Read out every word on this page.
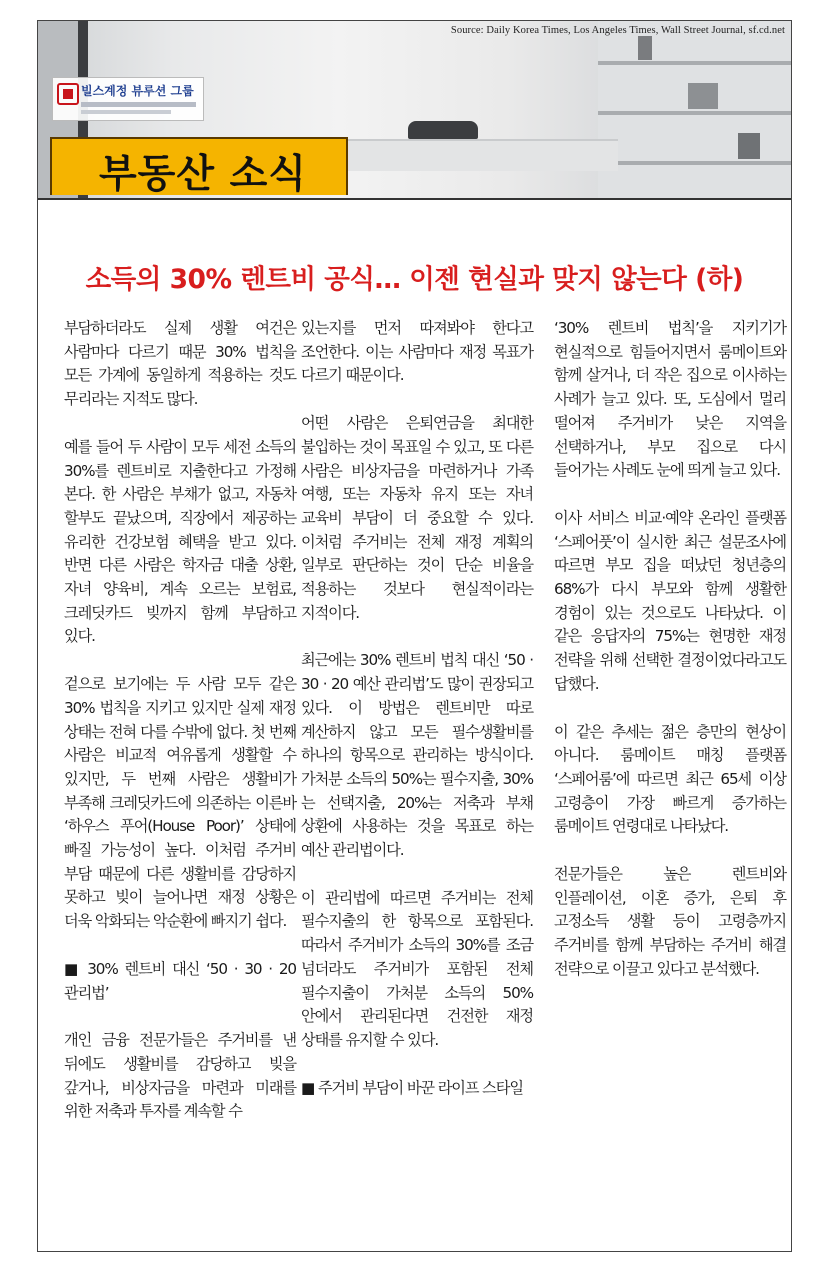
Source: Daily Korea Times, Los Angeles Times, Wall Street Journal, sf.cd.net
빌스계정 뷰루션 그룹
부동산 소식
소득의 30% 렌트비 공식… 이젠 현실과 맞지 않는다 (하)

부담하더라도 실제 생활 여건은 사람마다 다르기 때문 30% 법칙을 모든 가계에 동일하게 적용하는 것도 무리라는 지적도 많다.

예를 들어 두 사람이 모두 세전 소득의 30%를 렌트비로 지출한다고 가정해 본다. 한 사람은 부채가 없고, 자동차 할부도 끝났으며, 직장에서 제공하는 유리한 건강보험 혜택을 받고 있다. 반면 다른 사람은 학자금 대출 상환, 자녀 양육비, 계속 오르는 보험료, 크레딧카드 빚까지 함께 부담하고 있다.

겉으로 보기에는 두 사람 모두 같은 30% 법칙을 지키고 있지만 실제 재정 상태는 전혀 다를 수밖에 없다. 첫 번째 사람은 비교적 여유롭게 생활할 수 있지만, 두 번째 사람은 생활비가 부족해 크레딧카드에 의존하는 이른바 ‘하우스 푸어(House Poor)’ 상태에 빠질 가능성이 높다. 이처럼 주거비 부담 때문에 다른 생활비를 감당하지 못하고 빚이 늘어나면 재정 상황은 더욱 악화되는 악순환에 빠지기 쉽다.

■ 30% 렌트비 대신 ‘50 · 30 · 20 관리법’

개인 금융 전문가들은 주거비를 낸 뒤에도 생활비를 감당하고 빚을 갚거나, 비상자금을 마련과 미래를 위한 저축과 투자를 계속할 수

있는지를 먼저 따져봐야 한다고 조언한다. 이는 사람마다 재정 목표가 다르기 때문이다.

어떤 사람은 은퇴연금을 최대한 불입하는 것이 목표일 수 있고, 또 다른 사람은 비상자금을 마련하거나 가족 여행, 또는 자동차 유지 또는 자녀 교육비 부담이 더 중요할 수 있다. 이처럼 주거비는 전체 재정 계획의 일부로 판단하는 것이 단순 비율을 적용하는 것보다 현실적이라는 지적이다.

최근에는 30% 렌트비 법칙 대신 ‘50 · 30 · 20 예산 관리법’도 많이 권장되고 있다. 이 방법은 렌트비만 따로 계산하지 않고 모든 필수생활비를 하나의 항목으로 관리하는 방식이다. 가처분 소득의 50%는 필수지출, 30%는 선택지출, 20%는 저축과 부채 상환에 사용하는 것을 목표로 하는 예산 관리법이다.

이 관리법에 따르면 주거비는 전체 필수지출의 한 항목으로 포함된다. 따라서 주거비가 소득의 30%를 조금 넘더라도 주거비가 포함된 전체 필수지출이 가처분 소득의 50% 안에서 관리된다면 건전한 재정 상태를 유지할 수 있다.

■ 주거비 부담이 바꾼 라이프 스타일

‘30% 렌트비 법칙’을 지키기가 현실적으로 힘들어지면서 룸메이트와 함께 살거나, 더 작은 집으로 이사하는 사례가 늘고 있다. 또, 도심에서 멀리 떨어져 주거비가 낮은 지역을 선택하거나, 부모 집으로 다시 들어가는 사례도 눈에 띄게 늘고 있다.

이사 서비스 비교·예약 온라인 플랫폼 ‘스페어풋’이 실시한 최근 설문조사에 따르면 부모 집을 떠났던 청년층의 68%가 다시 부모와 함께 생활한 경험이 있는 것으로도 나타났다. 이 같은 응답자의 75%는 현명한 재정 전략을 위해 선택한 결정이었다라고도 답했다.

이 같은 추세는 젊은 층만의 현상이 아니다. 룸메이트 매칭 플랫폼 ‘스페어룸’에 따르면 최근 65세 이상 고령층이 가장 빠르게 증가하는 룸메이트 연령대로 나타났다.

전문가들은 높은 렌트비와 인플레이션, 이혼 증가, 은퇴 후 고정소득 생활 등이 고령층까지 주거비를 함께 부담하는 주거비 해결 전략으로 이끌고 있다고 분석했다.
